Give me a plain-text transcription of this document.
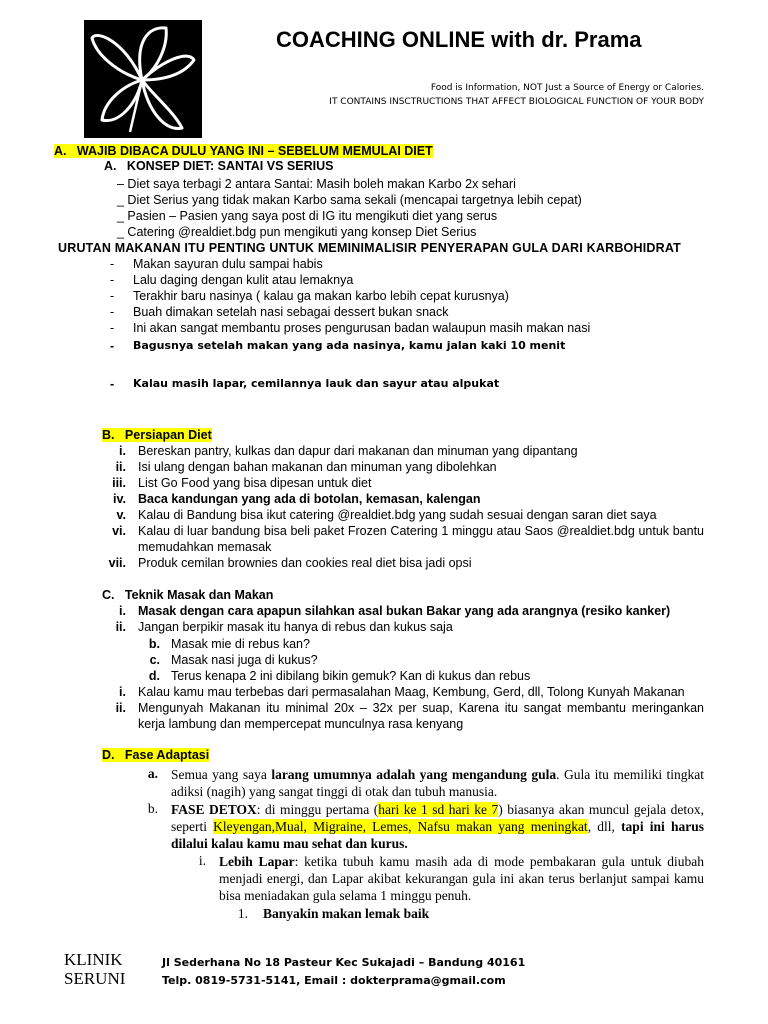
COACHING ONLINE with dr. Prama
Food is Information, NOT Just a Source of Energy or Calories.
IT CONTAINS INSCTRUCTIONS THAT AFFECT BIOLOGICAL FUNCTION OF YOUR BODY
A. WAJIB DIBACA DULU YANG INI – SEBELUM MEMULAI DIET
A. KONSEP DIET: SANTAI VS SERIUS
– Diet saya terbagi 2 antara Santai: Masih boleh makan Karbo 2x sehari
_ Diet Serius yang tidak makan Karbo sama sekali (mencapai targetnya lebih cepat)
_ Pasien – Pasien yang saya post di IG itu mengikuti diet yang serus
_ Catering @realdiet.bdg pun mengikuti yang konsep Diet Serius
URUTAN MAKANAN ITU PENTING UNTUK MEMINIMALISIR PENYERAPAN GULA DARI KARBOHIDRAT
- Makan sayuran dulu sampai habis
- Lalu daging dengan kulit atau lemaknya
- Terakhir baru nasinya ( kalau ga makan karbo lebih cepat kurusnya)
- Buah dimakan setelah nasi sebagai dessert bukan snack
- Ini akan sangat membantu proses pengurusan badan walaupun masih makan nasi
- Bagusnya setelah makan yang ada nasinya, kamu jalan kaki 10 menit
- Kalau masih lapar, cemilannya lauk dan sayur atau alpukat
B. Persiapan Diet
i. Bereskan pantry, kulkas dan dapur dari makanan dan minuman yang dipantang
ii. Isi ulang dengan bahan makanan dan minuman yang dibolehkan
iii. List Go Food yang bisa dipesan untuk diet
iv. Baca kandungan yang ada di botolan, kemasan, kalengan
v. Kalau di Bandung bisa ikut catering @realdiet.bdg yang sudah sesuai dengan saran diet saya
vi. Kalau di luar bandung bisa beli paket Frozen Catering 1 minggu atau Saos @realdiet.bdg untuk bantu memudahkan memasak
vii. Produk cemilan brownies dan cookies real diet bisa jadi opsi
C. Teknik Masak dan Makan
i. Masak dengan cara apapun silahkan asal bukan Bakar yang ada arangnya (resiko kanker)
ii. Jangan berpikir masak itu hanya di rebus dan kukus saja
b. Masak mie di rebus kan?
c. Masak nasi juga di kukus?
d. Terus kenapa 2 ini dibilang bikin gemuk? Kan di kukus dan rebus
i. Kalau kamu mau terbebas dari permasalahan Maag, Kembung, Gerd, dll, Tolong Kunyah Makanan
ii. Mengunyah Makanan itu minimal 20x – 32x per suap, Karena itu sangat membantu meringankan kerja lambung dan mempercepat munculnya rasa kenyang
D. Fase Adaptasi
a. Semua yang saya larang umumnya adalah yang mengandung gula. Gula itu memiliki tingkat adiksi (nagih) yang sangat tinggi di otak dan tubuh manusia.
b. FASE DETOX: di minggu pertama (hari ke 1 sd hari ke 7) biasanya akan muncul gejala detox, seperti Kleyengan,Mual, Migraine, Lemes, Nafsu makan yang meningkat, dll, tapi ini harus dilalui kalau kamu mau sehat dan kurus.
i. Lebih Lapar: ketika tubuh kamu masih ada di mode pembakaran gula untuk diubah menjadi energi, dan Lapar akibat kekurangan gula ini akan terus berlanjut sampai kamu bisa meniadakan gula selama 1 minggu penuh.
1. Banyakin makan lemak baik
KLINIK
SERUNI
Jl Sederhana No 18 Pasteur Kec Sukajadi – Bandung 40161
Telp. 0819-5731-5141, Email : dokterprama@gmail.com
